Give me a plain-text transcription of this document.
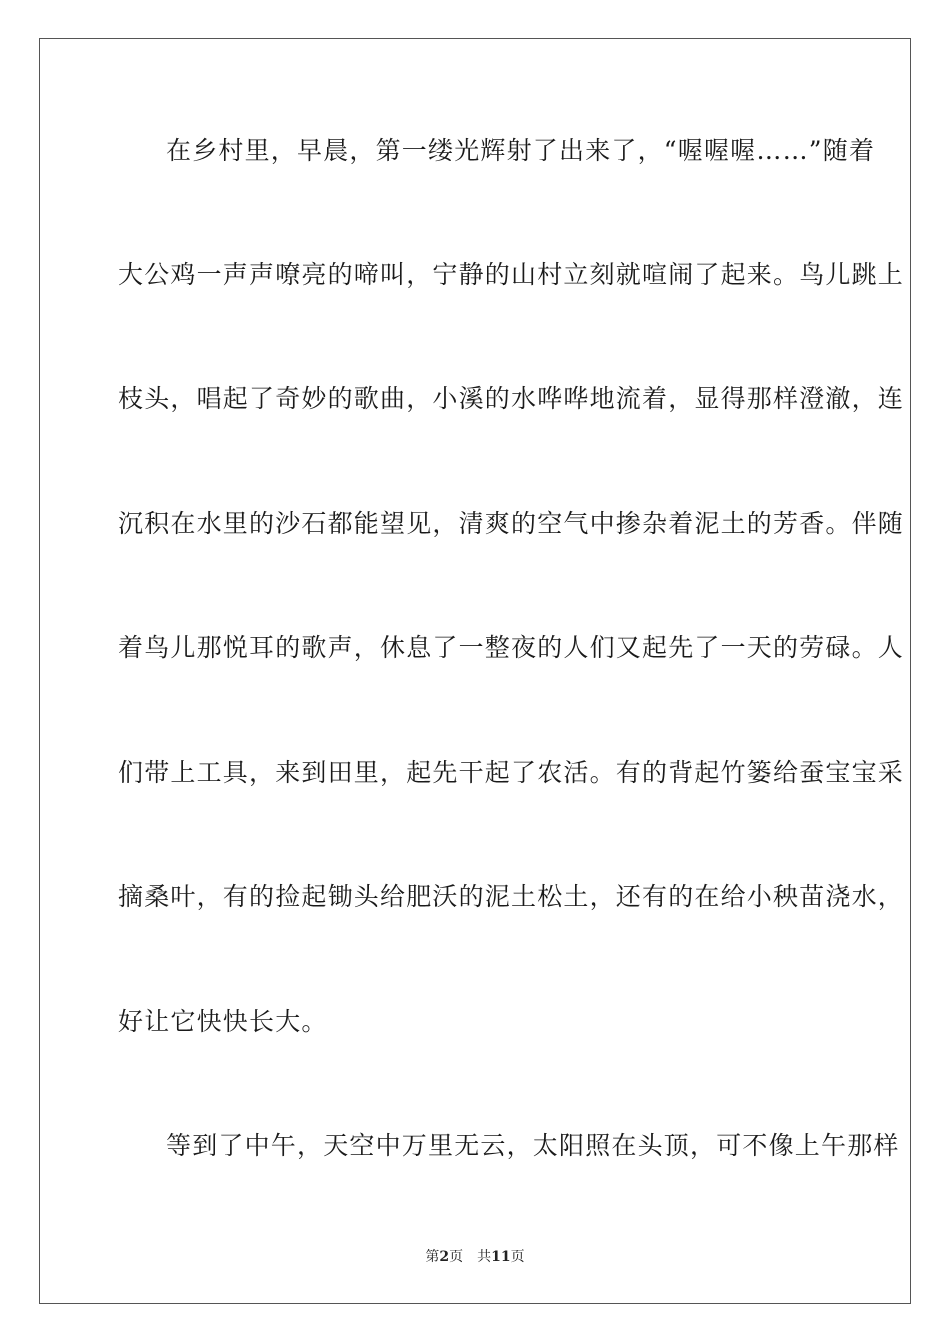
在乡村里，早晨，第一缕光辉射了出来了，“喔喔喔……”随着
大公鸡一声声嘹亮的啼叫，宁静的山村立刻就喧闹了起来。鸟儿跳上
枝头，唱起了奇妙的歌曲，小溪的水哗哗地流着，显得那样澄澈，连
沉积在水里的沙石都能望见，清爽的空气中掺杂着泥土的芳香。伴随
着鸟儿那悦耳的歌声，休息了一整夜的人们又起先了一天的劳碌。人
们带上工具，来到田里，起先干起了农活。有的背起竹篓给蚕宝宝采
摘桑叶，有的捡起锄头给肥沃的泥土松土，还有的在给小秧苗浇水，
好让它快快长大。
等到了中午，天空中万里无云，太阳照在头顶，可不像上午那样
第2页 共11页
